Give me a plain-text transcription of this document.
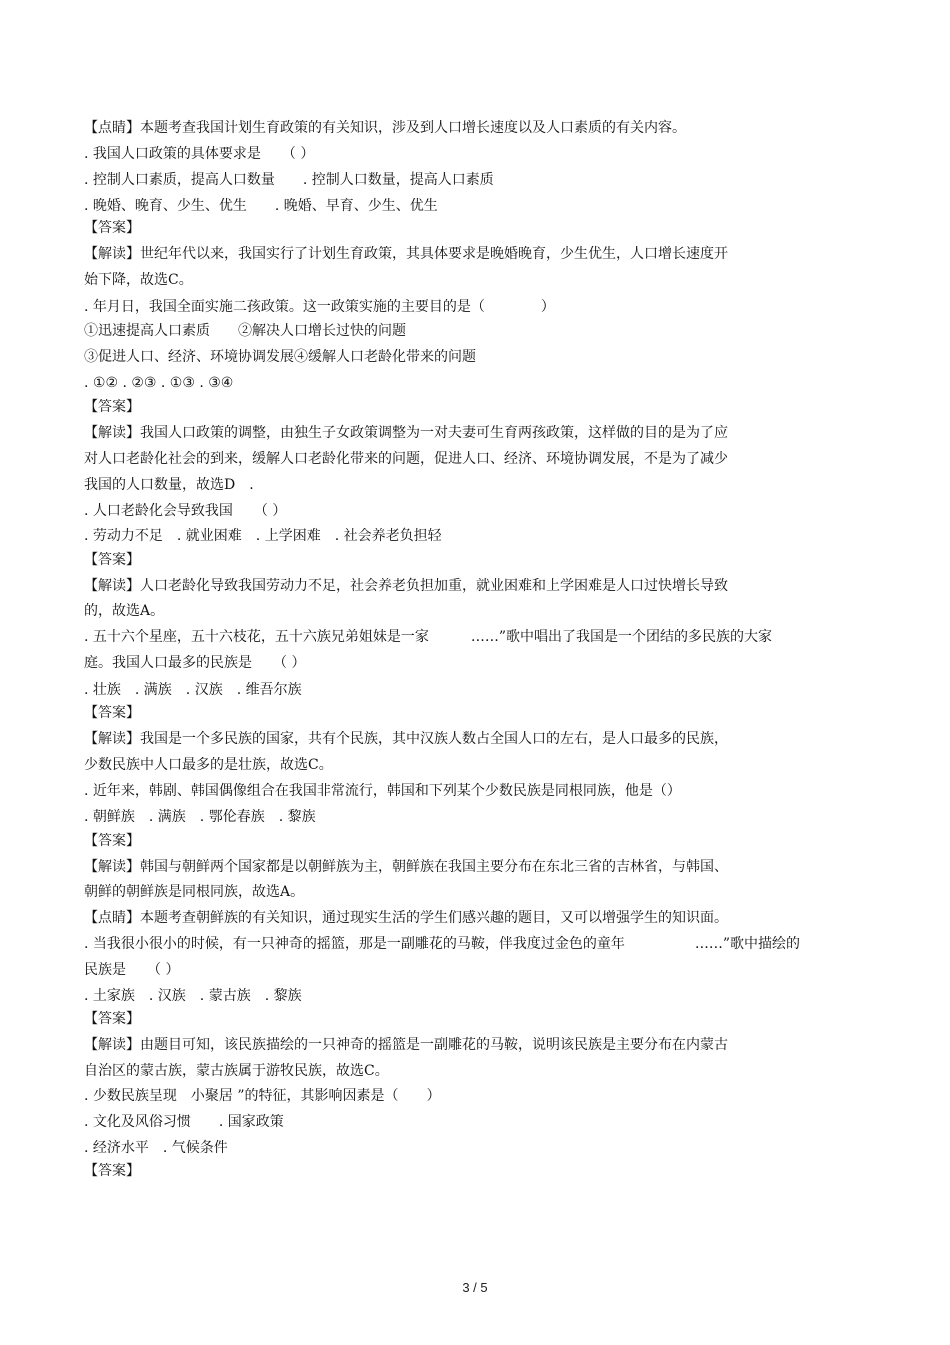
【点睛】本题考查我国计划生育政策的有关知识，涉及到人口增长速度以及人口素质的有关内容。
. 我国人口政策的具体要求是　　（ ）
. 控制人口素质，提高人口数量　　. 控制人口数量，提高人口素质
. 晚婚、晚育、少生、优生　　. 晚婚、早育、少生、优生
【答案】
【解读】世纪年代以来，我国实行了计划生育政策，其具体要求是晚婚晚育，少生优生，人口增长速度开
始下降，故选C。
. 年月日，我国全面实施二孩政策。这一政策实施的主要目的是（　　　　）
①迅速提高人口素质　　②解决人口增长过快的问题
③促进人口、经济、环境协调发展④缓解人口老龄化带来的问题
. ①② . ②③ . ①③ . ③④
【答案】
【解读】我国人口政策的调整，由独生子女政策调整为一对夫妻可生育两孩政策，这样做的目的是为了应
对人口老龄化社会的到来，缓解人口老龄化带来的问题，促进人口、经济、环境协调发展，不是为了减少
我国的人口数量，故选D　.
. 人口老龄化会导致我国　　（ ）
. 劳动力不足　. 就业困难　. 上学困难　. 社会养老负担轻
【答案】
【解读】人口老龄化导致我国劳动力不足，社会养老负担加重，就业困难和上学困难是人口过快增长导致
的，故选A。
. 五十六个星座，五十六枝花，五十六族兄弟姐妹是一家　　　……”歌中唱出了我国是一个团结的多民族的大家
庭。我国人口最多的民族是　　（ ）
. 壮族　. 满族　. 汉族　. 维吾尔族
【答案】
【解读】我国是一个多民族的国家，共有个民族，其中汉族人数占全国人口的左右，是人口最多的民族，
少数民族中人口最多的是壮族，故选C。
. 近年来，韩剧、韩国偶像组合在我国非常流行，韩国和下列某个少数民族是同根同族，他是（）
. 朝鲜族　. 满族　. 鄂伦春族　. 黎族
【答案】
【解读】韩国与朝鲜两个国家都是以朝鲜族为主，朝鲜族在我国主要分布在东北三省的吉林省，与韩国、
朝鲜的朝鲜族是同根同族，故选A。
【点睛】本题考查朝鲜族的有关知识，通过现实生活的学生们感兴趣的题目，又可以增强学生的知识面。
. 当我很小很小的时候，有一只神奇的摇篮，那是一副雕花的马鞍，伴我度过金色的童年　　　　　……”歌中描绘的
民族是　　（ ）
. 土家族　. 汉族　. 蒙古族　. 黎族
【答案】
【解读】由题目可知，该民族描绘的一只神奇的摇篮是一副雕花的马鞍，说明该民族是主要分布在内蒙古
自治区的蒙古族，蒙古族属于游牧民族，故选C。
. 少数民族呈现　小聚居 ”的特征，其影响因素是（　　）
. 文化及风俗习惯　　. 国家政策
. 经济水平　. 气候条件
【答案】
3 / 5
